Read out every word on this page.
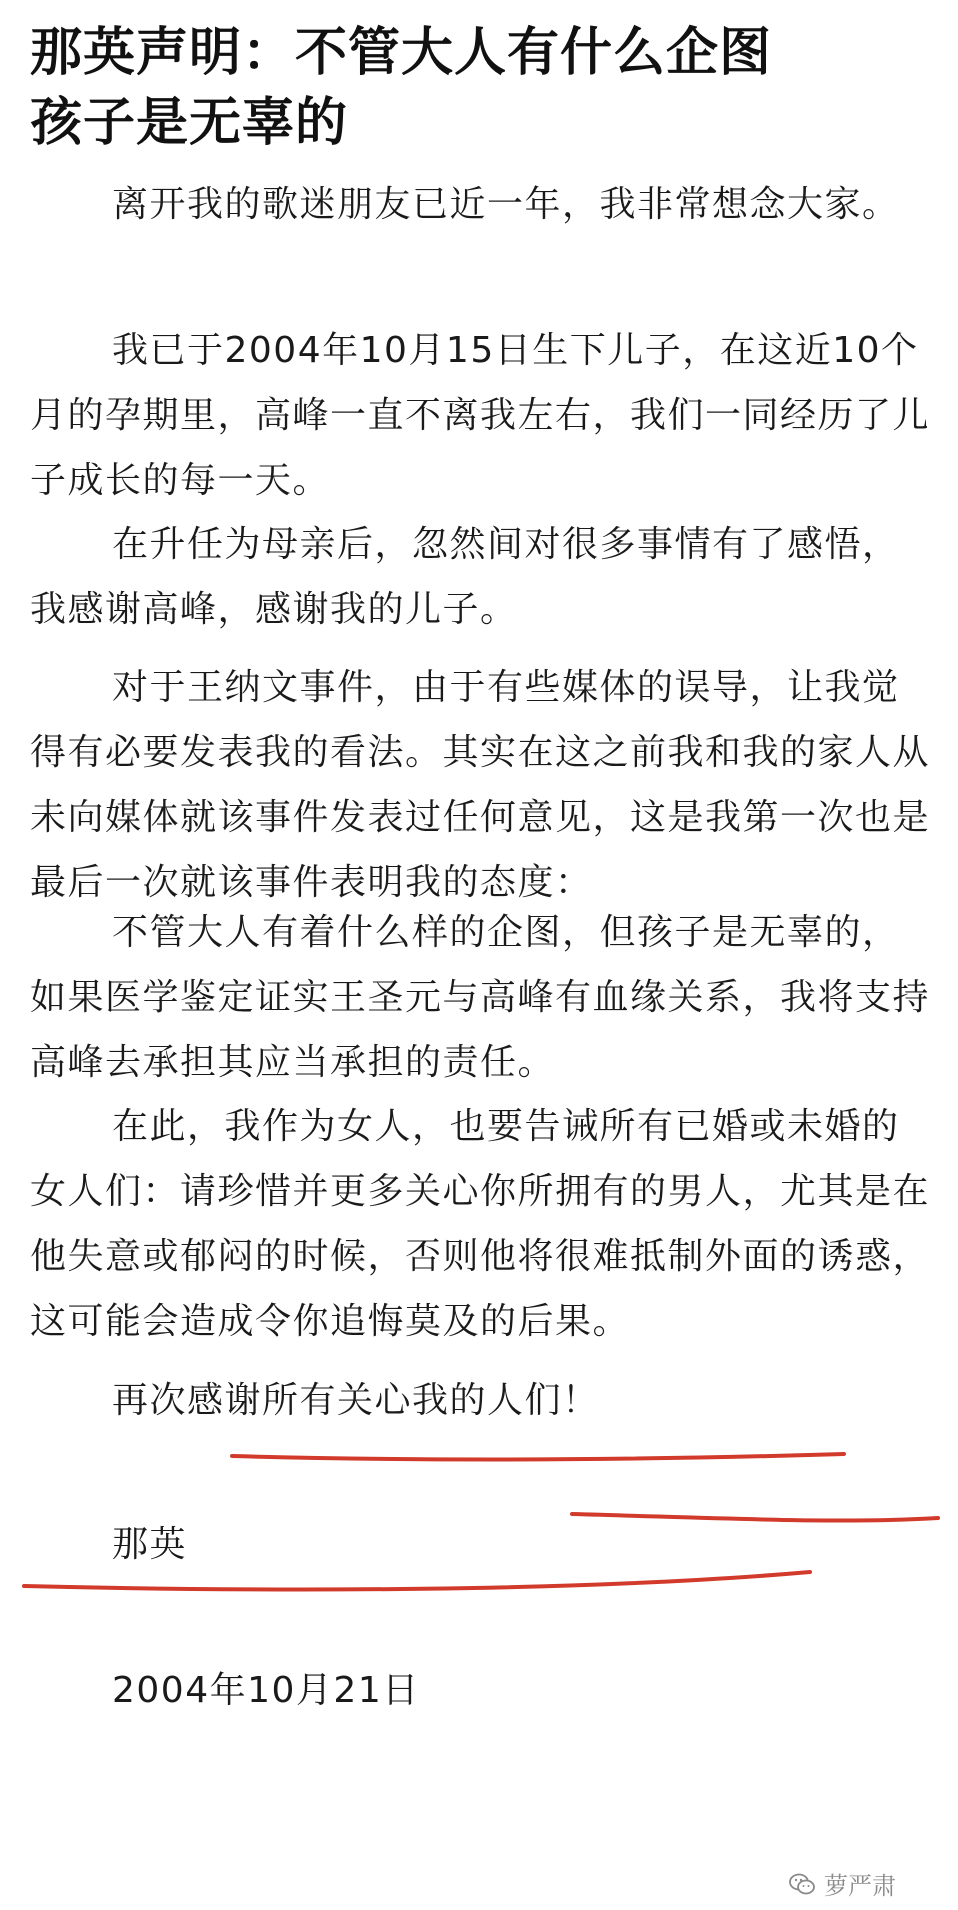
那英声明：不管大人有什么企图
孩子是无辜的

离开我的歌迷朋友已近一年，我非常想念大家。

我已于2004年10月15日生下儿子，在这近10个月的孕期里，高峰一直不离我左右，我们一同经历了儿子成长的每一天。

在升任为母亲后，忽然间对很多事情有了感悟，我感谢高峰，感谢我的儿子。

对于王纳文事件，由于有些媒体的误导，让我觉得有必要发表我的看法。其实在这之前我和我的家人从未向媒体就该事件发表过任何意见，这是我第一次也是最后一次就该事件表明我的态度：

不管大人有着什么样的企图，但孩子是无辜的，如果医学鉴定证实王圣元与高峰有血缘关系，我将支持高峰去承担其应当承担的责任。

在此，我作为女人，也要告诫所有已婚或未婚的女人们：请珍惜并更多关心你所拥有的男人，尤其是在他失意或郁闷的时候，否则他将很难抵制外面的诱惑，这可能会造成令你追悔莫及的后果。

再次感谢所有关心我的人们！

那英

2004年10月21日

萝严肃
